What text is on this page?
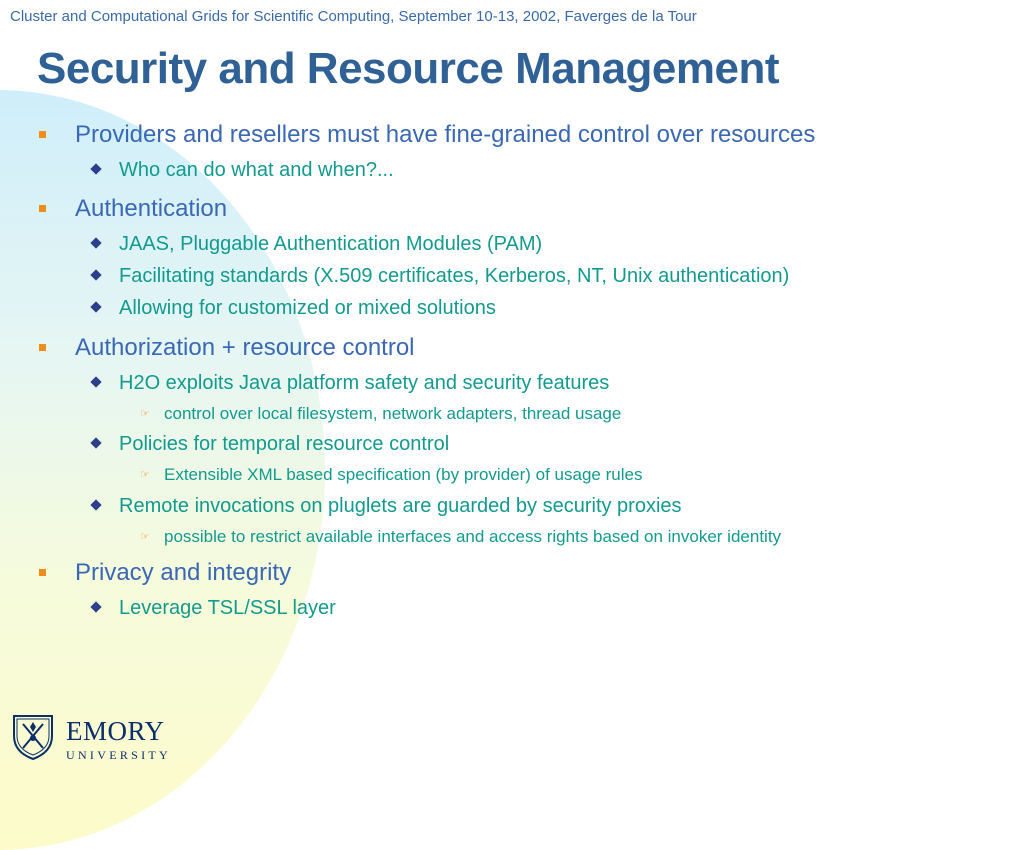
Cluster and Computational Grids for Scientific Computing, September 10-13, 2002, Faverges de la Tour
Security and Resource Management
Providers and resellers must have fine-grained control over resources
Who can do what and when?...
Authentication
JAAS, Pluggable Authentication Modules (PAM)
Facilitating standards (X.509 certificates, Kerberos, NT, Unix authentication)
Allowing for customized or mixed solutions
Authorization + resource control
H2O exploits Java platform safety and security features
☞ control over local filesystem, network adapters, thread usage
Policies for temporal resource control
☞ Extensible XML based specification (by provider) of usage rules
Remote invocations on pluglets are guarded by security proxies
☞ possible to restrict available interfaces and access rights based on invoker identity
Privacy and integrity
Leverage TSL/SSL layer
EMORY
UNIVERSITY
